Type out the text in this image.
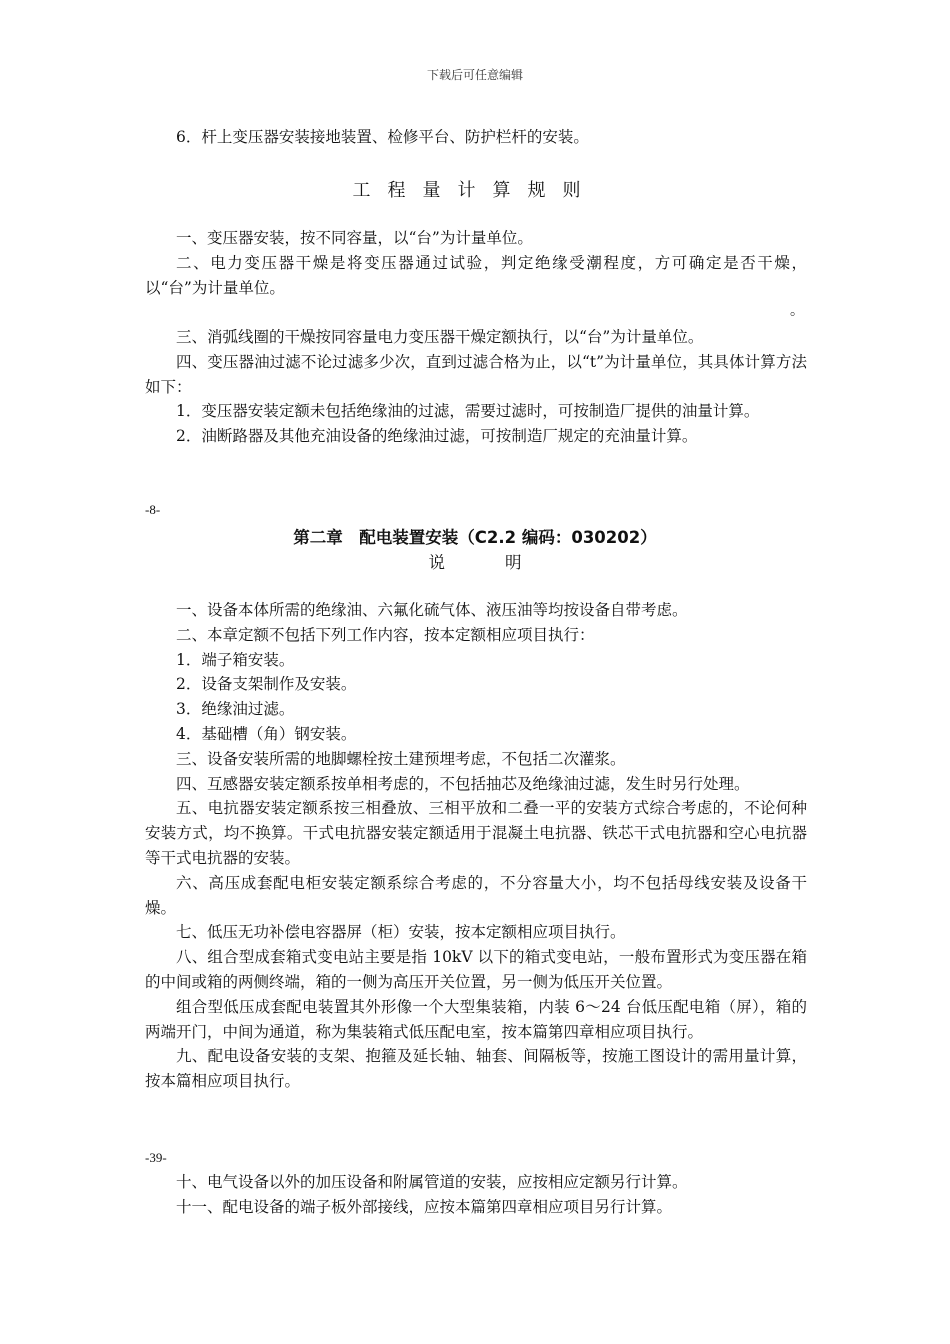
下载后可任意编辑

6．杆上变压器安装接地装置、检修平台、防护栏杆的安装。

工程量计算规则

一、变压器安装，按不同容量，以“台”为计量单位。

二、电力变压器干燥是将变压器通过试验，判定绝缘受潮程度，方可确定是否干燥，以“台”为计量单位。

。

三、消弧线圈的干燥按同容量电力变压器干燥定额执行，以“台”为计量单位。

四、变压器油过滤不论过滤多少次，直到过滤合格为止，以“t”为计量单位，其具体计算方法如下：

1．变压器安装定额未包括绝缘油的过滤，需要过滤时，可按制造厂提供的油量计算。

2．油断路器及其他充油设备的绝缘油过滤，可按制造厂规定的充油量计算。

-8-
第二章　配电装置安装（C2.2 编码：030202）
说明

一、设备本体所需的绝缘油、六氟化硫气体、液压油等均按设备自带考虑。

二、本章定额不包括下列工作内容，按本定额相应项目执行：

1．端子箱安装。

2．设备支架制作及安装。

3．绝缘油过滤。

4．基础槽（角）钢安装。

三、设备安装所需的地脚螺栓按土建预埋考虑，不包括二次灌浆。

四、互感器安装定额系按单相考虑的，不包括抽芯及绝缘油过滤，发生时另行处理。

五、电抗器安装定额系按三相叠放、三相平放和二叠一平的安装方式综合考虑的，不论何种安装方式，均不换算。干式电抗器安装定额适用于混凝土电抗器、铁芯干式电抗器和空心电抗器等干式电抗器的安装。

六、高压成套配电柜安装定额系综合考虑的，不分容量大小，均不包括母线安装及设备干燥。

七、低压无功补偿电容器屏（柜）安装，按本定额相应项目执行。

八、组合型成套箱式变电站主要是指 10kV 以下的箱式变电站，一般布置形式为变压器在箱的中间或箱的两侧终端，箱的一侧为高压开关位置，另一侧为低压开关位置。

组合型低压成套配电装置其外形像一个大型集装箱，内装 6～24 台低压配电箱（屏），箱的两端开门，中间为通道，称为集装箱式低压配电室，按本篇第四章相应项目执行。

九、配电设备安装的支架、抱箍及延长轴、轴套、间隔板等，按施工图设计的需用量计算，按本篇相应项目执行。

-39-

十、电气设备以外的加压设备和附属管道的安装，应按相应定额另行计算。

十一、配电设备的端子板外部接线，应按本篇第四章相应项目另行计算。
